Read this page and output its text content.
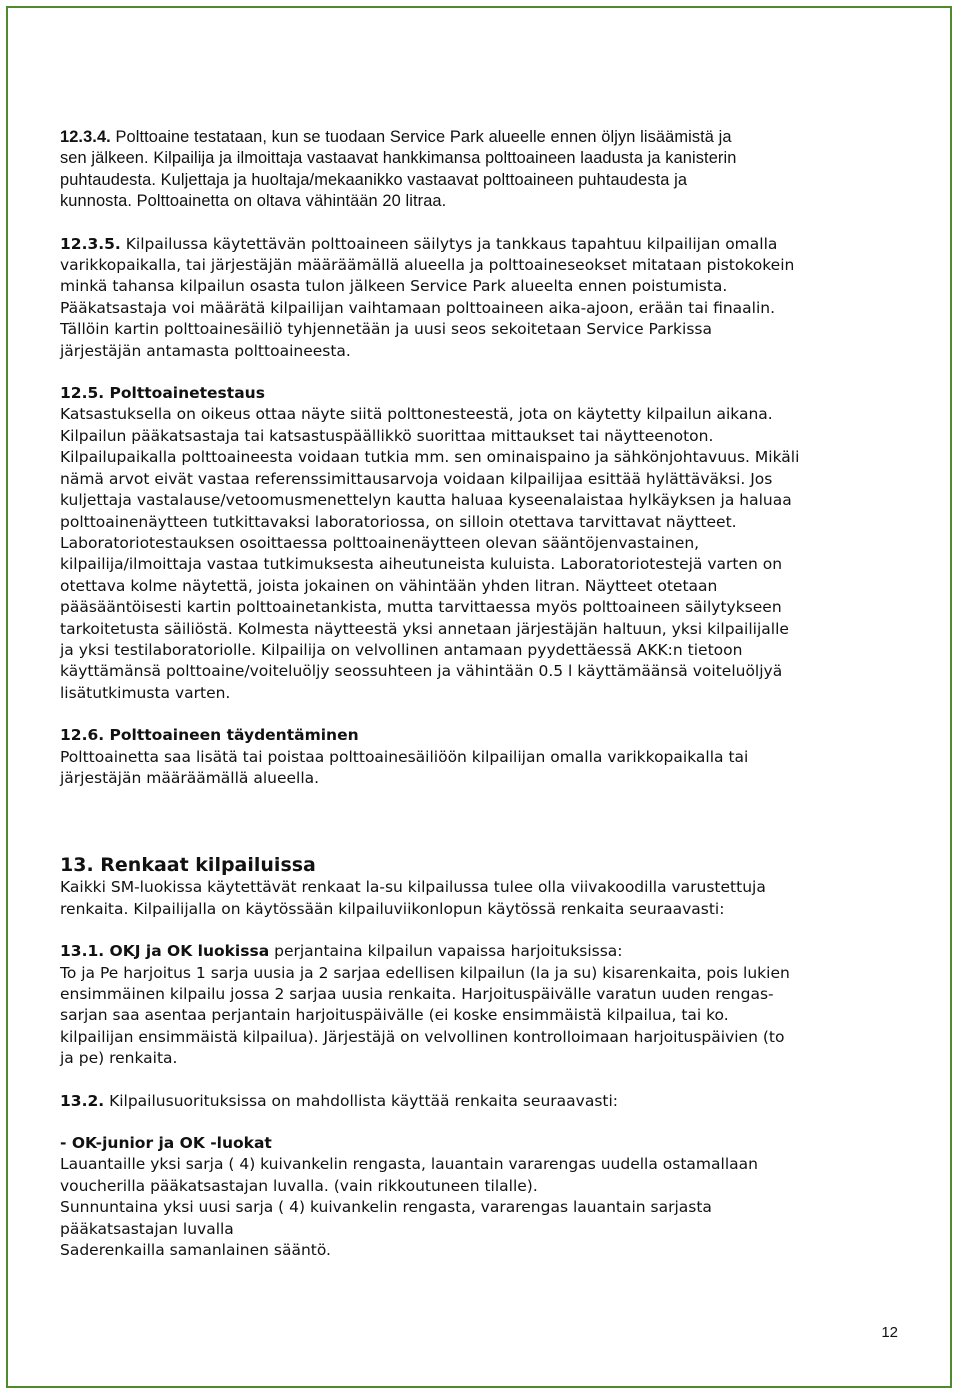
12.3.4. Polttoaine testataan, kun se tuodaan Service Park alueelle ennen öljyn lisäämistä ja

sen jälkeen. Kilpailija ja ilmoittaja vastaavat hankkimansa polttoaineen laadusta ja kanisterin

puhtaudesta. Kuljettaja ja huoltaja/mekaanikko vastaavat polttoaineen puhtaudesta ja

kunnosta. Polttoainetta on oltava vähintään 20 litraa.

12.3.5. Kilpailussa käytettävän polttoaineen säilytys ja tankkaus tapahtuu kilpailijan omalla

varikkopaikalla, tai järjestäjän määräämällä alueella ja polttoaineseokset mitataan pistokokein

minkä tahansa kilpailun osasta tulon jälkeen Service Park alueelta ennen poistumista.

Pääkatsastaja voi määrätä kilpailijan vaihtamaan polttoaineen aika-ajoon, erään tai finaalin.

Tällöin kartin polttoainesäiliö tyhjennetään ja uusi seos sekoitetaan Service Parkissa

järjestäjän antamasta polttoaineesta.

12.5. Polttoainetestaus

Katsastuksella on oikeus ottaa näyte siitä polttonesteestä, jota on käytetty kilpailun aikana.

Kilpailun pääkatsastaja tai katsastuspäällikkö suorittaa mittaukset tai näytteenoton.

Kilpailupaikalla polttoaineesta voidaan tutkia mm. sen ominaispaino ja sähkönjohtavuus. Mikäli

nämä arvot eivät vastaa referenssimittausarvoja voidaan kilpailijaa esittää hylättäväksi. Jos

kuljettaja vastalause/vetoomusmenettelyn kautta haluaa kyseenalaistaa hylkäyksen ja haluaa

polttoainenäytteen tutkittavaksi laboratoriossa, on silloin otettava tarvittavat näytteet.

Laboratoriotestauksen osoittaessa polttoainenäytteen olevan sääntöjenvastainen,

kilpailija/ilmoittaja vastaa tutkimuksesta aiheutuneista kuluista. Laboratoriotestejä varten on

otettava kolme näytettä, joista jokainen on vähintään yhden litran. Näytteet otetaan

pääsääntöisesti kartin polttoainetankista, mutta tarvittaessa myös polttoaineen säilytykseen

tarkoitetusta säiliöstä. Kolmesta näytteestä yksi annetaan järjestäjän haltuun, yksi kilpailijalle

ja yksi testilaboratoriolle. Kilpailija on velvollinen antamaan pyydettäessä AKK:n tietoon

käyttämänsä polttoaine/voiteluöljy seossuhteen ja vähintään 0.5 l käyttämäänsä voiteluöljyä

lisätutkimusta varten.

12.6. Polttoaineen täydentäminen

Polttoainetta saa lisätä tai poistaa polttoainesäiliöön kilpailijan omalla varikkopaikalla tai

järjestäjän määräämällä alueella.

13. Renkaat kilpailuissa

Kaikki SM-luokissa käytettävät renkaat la-su kilpailussa tulee olla viivakoodilla varustettuja

renkaita. Kilpailijalla on käytössään kilpailuviikonlopun käytössä renkaita seuraavasti:

13.1. OKJ ja OK luokissa perjantaina kilpailun vapaissa harjoituksissa:

To ja Pe harjoitus 1 sarja uusia ja 2 sarjaa edellisen kilpailun (la ja su) kisarenkaita, pois lukien

ensimmäinen kilpailu jossa 2 sarjaa uusia renkaita. Harjoituspäivälle varatun uuden rengas-

sarjan saa asentaa perjantain harjoituspäivälle (ei koske ensimmäistä kilpailua, tai ko.

kilpailijan ensimmäistä kilpailua). Järjestäjä on velvollinen kontrolloimaan harjoituspäivien (to

ja pe) renkaita.

13.2. Kilpailusuorituksissa on mahdollista käyttää renkaita seuraavasti:

- OK-junior ja OK -luokat

Lauantaille yksi sarja ( 4) kuivankelin rengasta, lauantain vararengas uudella ostamallaan

voucherilla pääkatsastajan luvalla. (vain rikkoutuneen tilalle).

Sunnuntaina yksi uusi sarja ( 4) kuivankelin rengasta, vararengas lauantain sarjasta

pääkatsastajan luvalla

Saderenkailla samanlainen sääntö.

12
